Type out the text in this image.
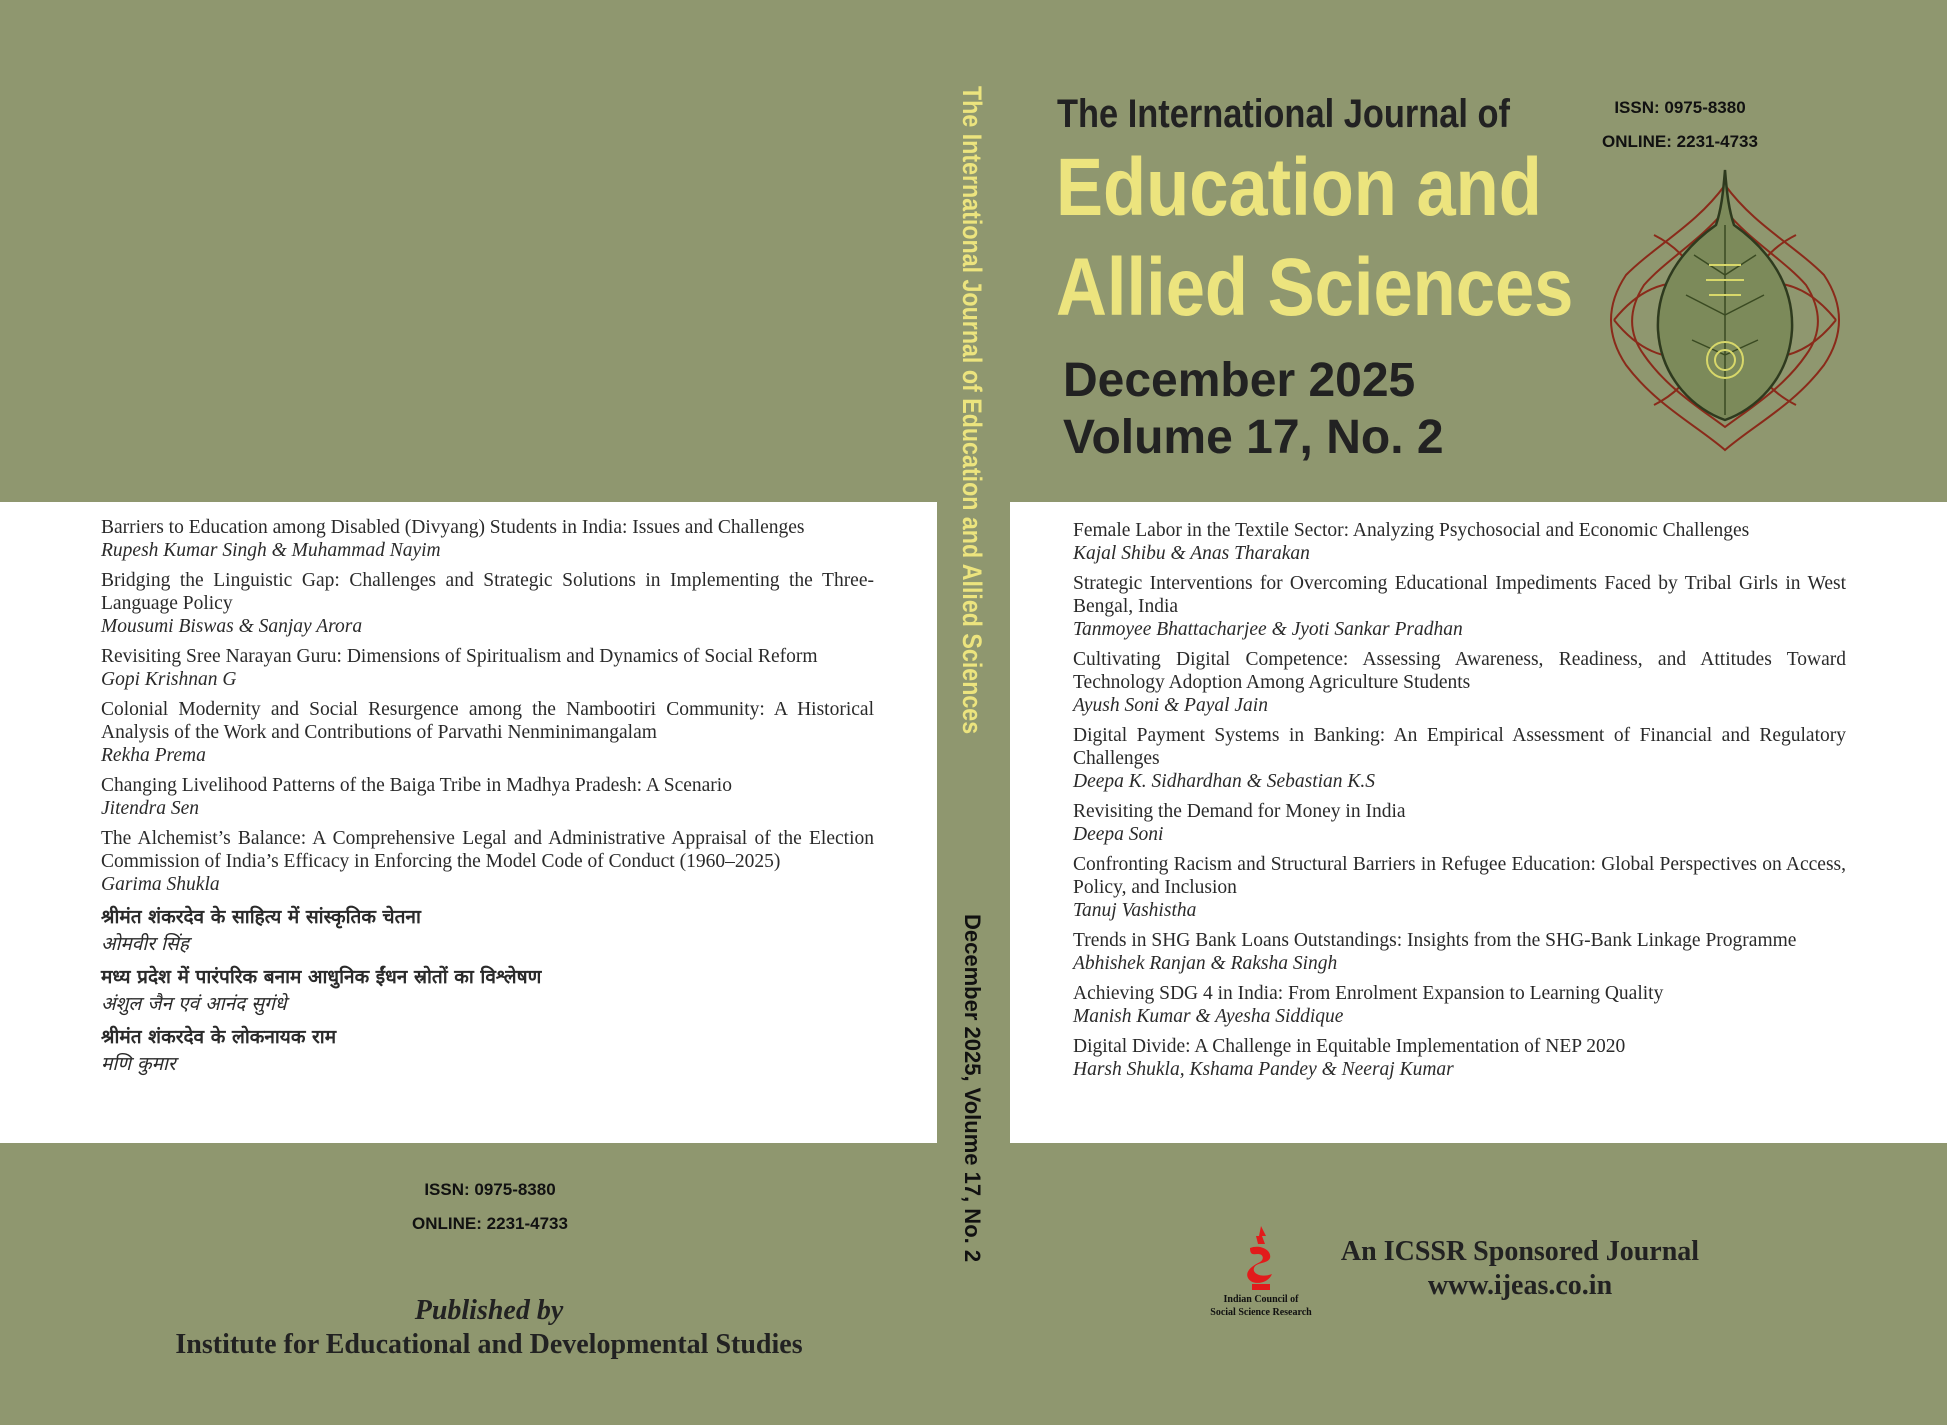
The International Journal of
Education and
Allied Sciences
December 2025
Volume 17, No. 2
ISSN: 0975-8380
ONLINE: 2231-4733
The International Journal of Education and Allied Sciences
December 2025, Volume 17, No. 2
Barriers to Education among Disabled (Divyang) Students in India: Issues and Challenges
Rupesh Kumar Singh & Muhammad Nayim
Bridging the Linguistic Gap: Challenges and Strategic Solutions in Implementing the Three-Language Policy
Mousumi Biswas & Sanjay Arora
Revisiting Sree Narayan Guru: Dimensions of Spiritualism and Dynamics of Social Reform
Gopi Krishnan G
Colonial Modernity and Social Resurgence among the Nambootiri Community: A Historical Analysis of the Work and Contributions of Parvathi Nenminimangalam
Rekha Prema
Changing Livelihood Patterns of the Baiga Tribe in Madhya Pradesh: A Scenario
Jitendra Sen
The Alchemist’s Balance: A Comprehensive Legal and Administrative Appraisal of the Election Commission of India’s Efficacy in Enforcing the Model Code of Conduct (1960–2025)
Garima Shukla
श्रीमंत शंकरदेव के साहित्य में सांस्कृतिक चेतना
ओमवीर सिंह
मध्य प्रदेश में पारंपरिक बनाम आधुनिक ईंधन स्रोतों का विश्लेषण
अंशुल जैन एवं आनंद सुगंधे
श्रीमंत शंकरदेव के लोकनायक राम
मणि कुमार
Female Labor in the Textile Sector: Analyzing Psychosocial and Economic Challenges
Kajal Shibu & Anas Tharakan
Strategic Interventions for Overcoming Educational Impediments Faced by Tribal Girls in West Bengal, India
Tanmoyee Bhattacharjee & Jyoti Sankar Pradhan
Cultivating Digital Competence: Assessing Awareness, Readiness, and Attitudes Toward Technology Adoption Among Agriculture Students
Ayush Soni & Payal Jain
Digital Payment Systems in Banking: An Empirical Assessment of Financial and Regulatory Challenges
Deepa K. Sidhardhan & Sebastian K.S
Revisiting the Demand for Money in India
Deepa Soni
Confronting Racism and Structural Barriers in Refugee Education: Global Perspectives on Access, Policy, and Inclusion
Tanuj Vashistha
Trends in SHG Bank Loans Outstandings: Insights from the SHG-Bank Linkage Programme
Abhishek Ranjan & Raksha Singh
Achieving SDG 4 in India: From Enrolment Expansion to Learning Quality
Manish Kumar & Ayesha Siddique
Digital Divide: A Challenge in Equitable Implementation of NEP 2020
Harsh Shukla, Kshama Pandey & Neeraj Kumar
ISSN: 0975-8380
ONLINE: 2231-4733
Published by
Institute for Educational and Developmental Studies
Indian Council of
Social Science Research
An ICSSR Sponsored Journal
www.ijeas.co.in
